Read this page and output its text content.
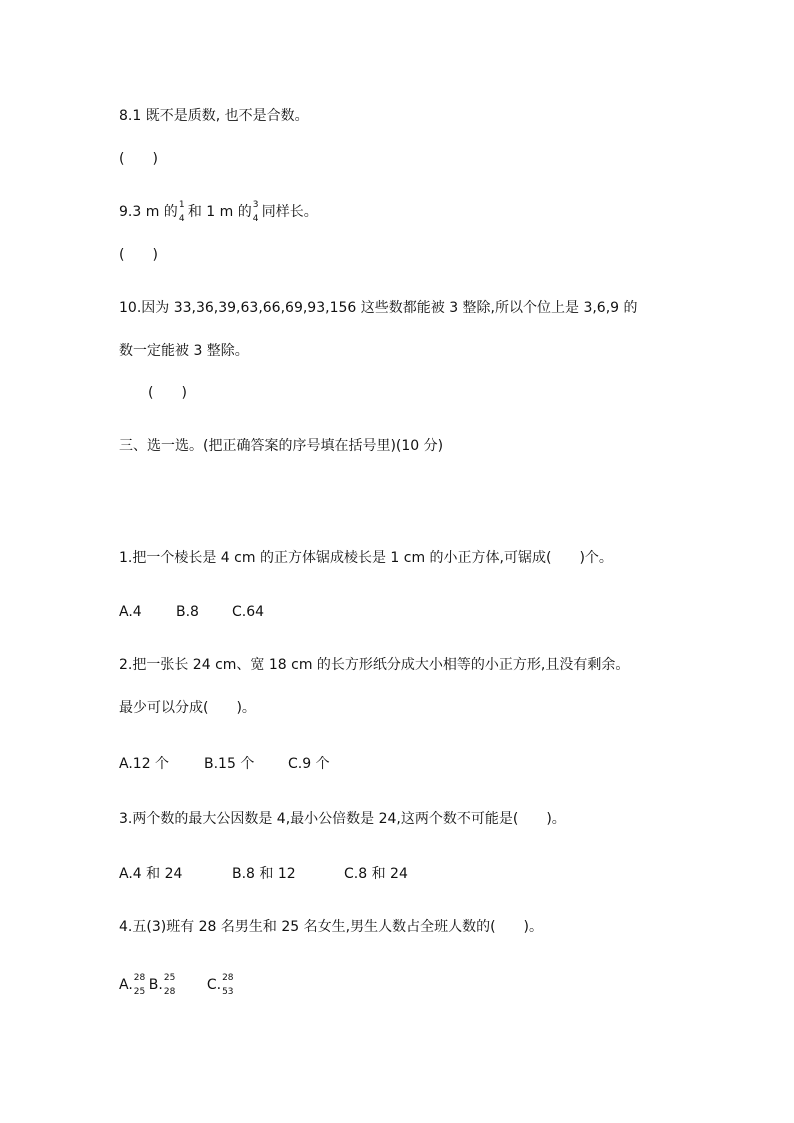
8.1 既不是质数, 也不是合数。
(　　)
9.3 m 的 1
4 和 1 m 的 3
4 同样长。
(　　)
10.因为 33,36,39,63,66,69,93,156 这些数都能被 3 整除,所以个位上是 3,6,9 的
数一定能被 3 整除。
(　　)
三、选一选。(把正确答案的序号填在括号里)(10 分)
1.把一个棱长是 4 cm 的正方体锯成棱长是 1 cm 的小正方体,可锯成(　　)个。
A.4 B.8 C.64
2.把一张长 24 cm、宽 18 cm 的长方形纸分成大小相等的小正方形,且没有剩余。
最少可以分成(　　)。
A.12 个 B.15 个 C.9 个
3.两个数的最大公因数是 4,最小公倍数是 24,这两个数不可能是(　　)。
A.4 和 24	B.8 和 12	C.8 和 24
4.五(3)班有 28 名男生和 25 名女生,男生人数占全班人数的(　　)。
A. 28
25 B. 25
28 C. 28
53
